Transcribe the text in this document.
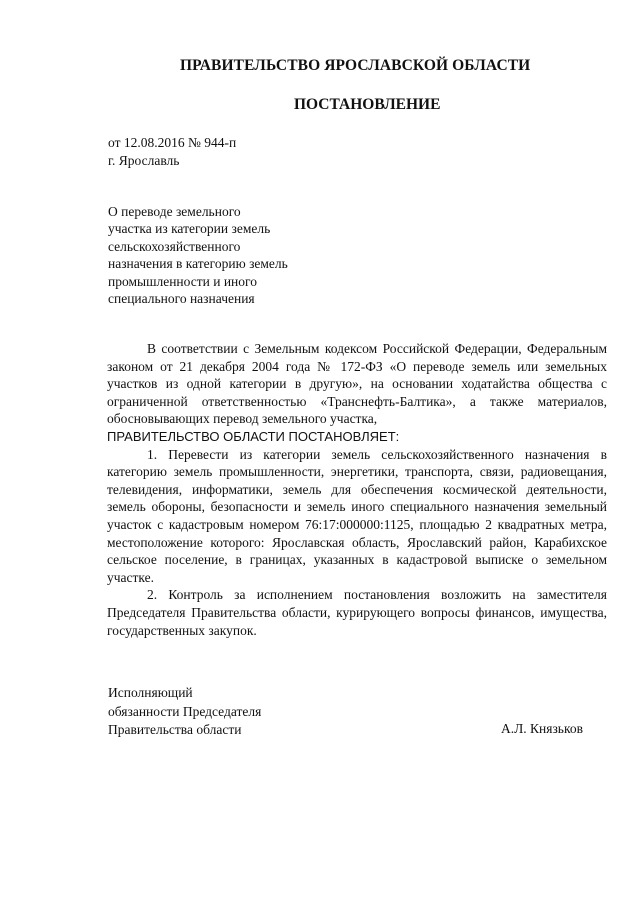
ПРАВИТЕЛЬСТВО ЯРОСЛАВСКОЙ ОБЛАСТИ
ПОСТАНОВЛЕНИЕ
от 12.08.2016 № 944-п
г. Ярославль
О переводе земельного
участка из категории земель
сельскохозяйственного
назначения в категорию земель
промышленности и иного
специального назначения

В соответствии с Земельным кодексом Российской Федерации, Федеральным законом от 21 декабря 2004 года № 172-ФЗ «О переводе земель или земельных участков из одной категории в другую», на основании ходатайства общества с ограниченной ответственностью «Транснефть-Балтика», а также материалов, обосновывающих перевод земельного участка,

ПРАВИТЕЛЬСТВО ОБЛАСТИ ПОСТАНОВЛЯЕТ:

1. Перевести из категории земель сельскохозяйственного назначения в категорию земель промышленности, энергетики, транспорта, связи, радиовещания, телевидения, информатики, земель для обеспечения космической деятельности, земель обороны, безопасности и земель иного специального назначения земельный участок с кадастровым номером 76:17:000000:1125, площадью 2 квадратных метра, местоположение которого: Ярославская область, Ярославский район, Карабихское сельское поселение, в границах, указанных в кадастровой выписке о земельном участке.

2. Контроль за исполнением постановления возложить на заместителя Председателя Правительства области, курирующего вопросы финансов, имущества, государственных закупок.

Исполняющий
обязанности Председателя
Правительства области	А.Л. Князьков
